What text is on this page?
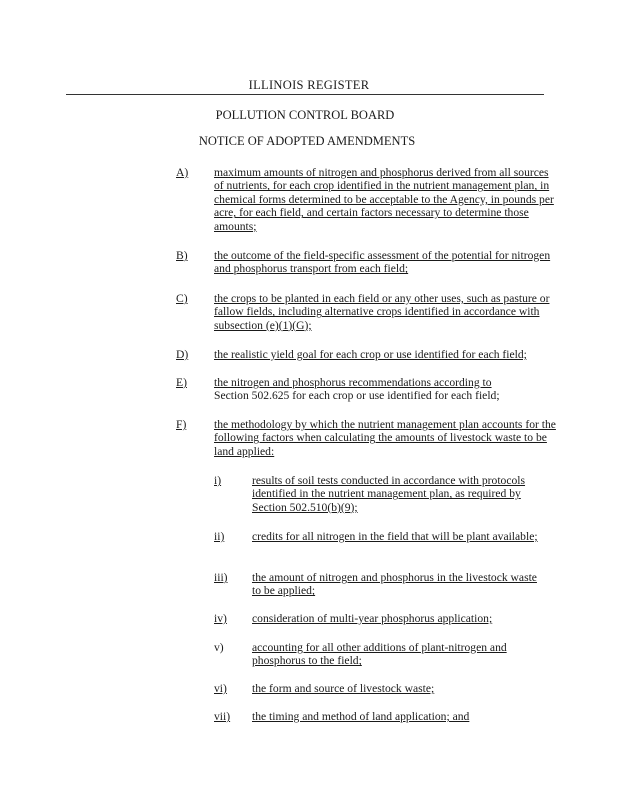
ILLINOIS REGISTER
POLLUTION CONTROL BOARD
NOTICE OF ADOPTED AMENDMENTS
A) maximum amounts of nitrogen and phosphorus derived from all sources of nutrients, for each crop identified in the nutrient management plan, in chemical forms determined to be acceptable to the Agency, in pounds per acre, for each field, and certain factors necessary to determine those amounts;
B) the outcome of the field-specific assessment of the potential for nitrogen and phosphorus transport from each field;
C) the crops to be planted in each field or any other uses, such as pasture or fallow fields, including alternative crops identified in accordance with subsection (e)(1)(G);
D) the realistic yield goal for each crop or use identified for each field;
E) the nitrogen and phosphorus recommendations according to
Section 502.625 for each crop or use identified for each field;
F) the methodology by which the nutrient management plan accounts for the following factors when calculating the amounts of livestock waste to be land applied:
i)	results of soil tests conducted in accordance with protocols identified in the nutrient management plan, as required by Section 502.510(b)(9);
ii) credits for all nitrogen in the field that will be plant available;
iii) the amount of nitrogen and phosphorus in the livestock waste to be applied;
iv) consideration of multi-year phosphorus application;
v) accounting for all other additions of plant-nitrogen and phosphorus to the field;
vi) the form and source of livestock waste;
vii) the timing and method of land application; and
